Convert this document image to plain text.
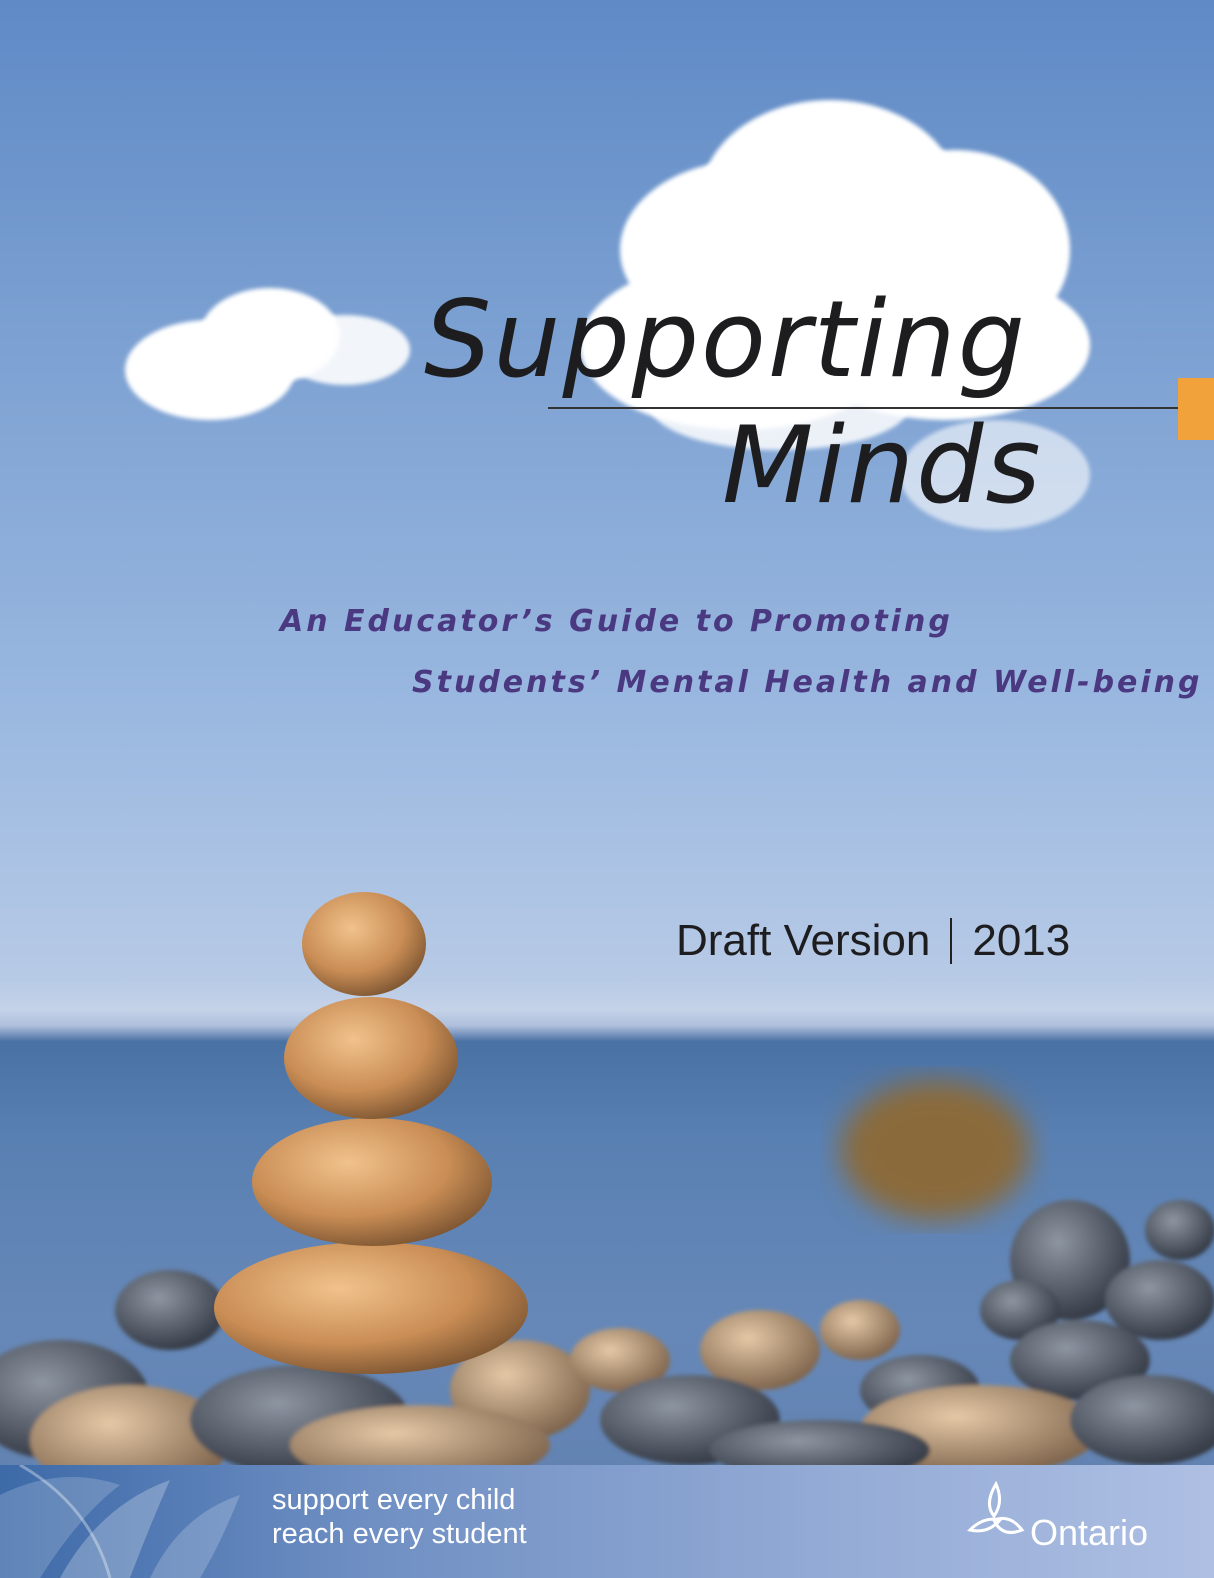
Supporting
Minds
An Educator’s Guide to Promoting
Students’ Mental Health and Well-being
Draft Version 2013
support every child
reach every student	Ontario
